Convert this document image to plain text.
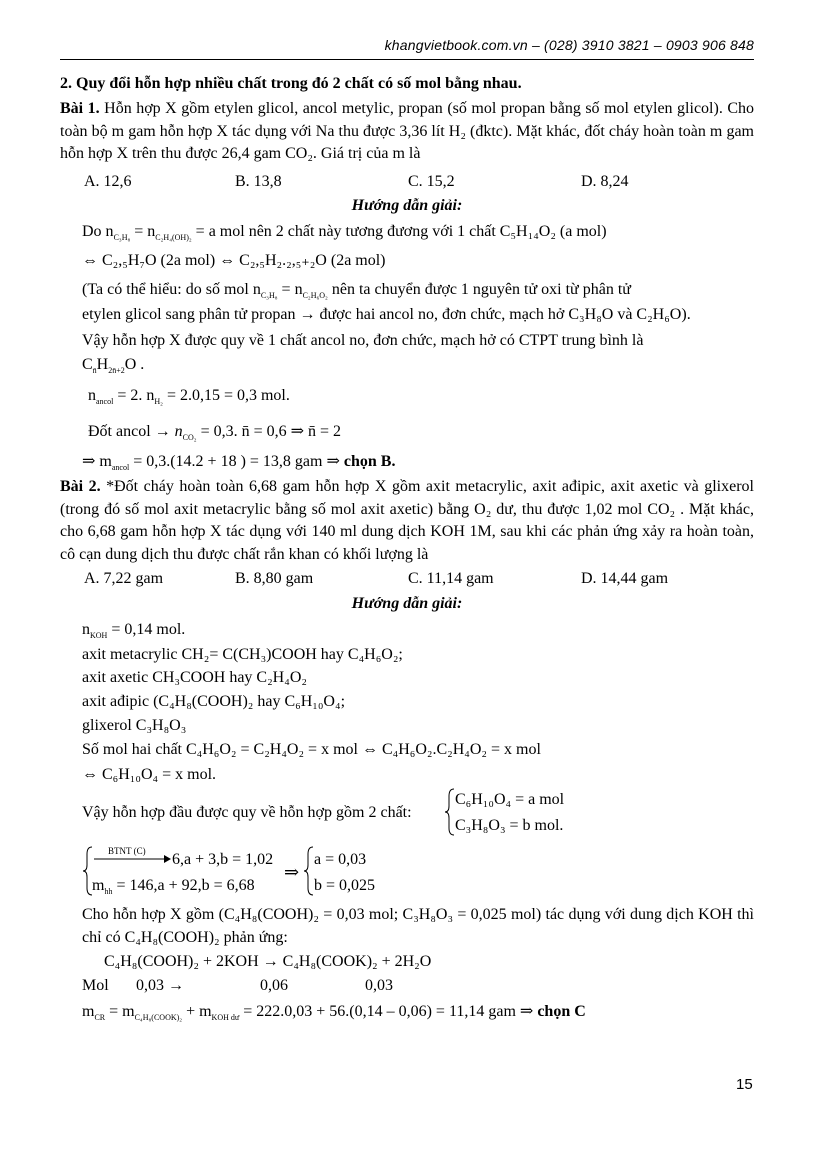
khangvietbook.com.vn – (028) 3910 3821 – 0903 906 848
2. Quy đổi hỗn hợp nhiều chất trong đó 2 chất có số mol bằng nhau.
Bài 1. Hỗn hợp X gồm etylen glicol, ancol metylic, propan (số mol propan bằng số mol etylen glicol). Cho toàn bộ m gam hỗn hợp X tác dụng với Na thu được 3,36 lít H₂ (đktc). Mặt khác, đốt cháy hoàn toàn m gam hỗn hợp X trên thu được 26,4 gam CO₂. Giá trị của m là
A. 12,6	B. 13,8	C. 15,2	D. 8,24
Hướng dẫn giải:
Do $n_{C_3H_8} = n_{C_2H_4(OH)_2} = a$ mol nên 2 chất này tương đương với 1 chất C₅H₁₄O₂ (a mol)
⇔ C₂,₅H₇O (2a mol) ⇔ C₂,₅H₂.₂,₅₊₂O (2a mol)
(Ta có thể hiểu: do số mol $n_{C_3H_8} = n_{C_2H_6O_2}$ nên ta chuyển được 1 nguyên tử oxi từ phân tử
etylen glicol sang phân tử propan → được hai ancol no, đơn chức, mạch hở C₃H₈O và C₂H₆O).
Vậy hỗn hợp X được quy về 1 chất ancol no, đơn chức, mạch hở có CTPT trung bình là
$C_{n̄}H_{2n̄+2}O$ .
$n_{ancol} = 2$. $n_{H_2} = 2.0,15 = 0,3$ mol.
Đốt ancol → $n_{CO_2} = 0,3$. n̄ = 0,6 ⇒ n̄ = 2
⇒ $m_{ancol} = 0,3.(14.2 + 18$ ) = 13,8 gam ⇒ chọn B.
Bài 2. *Đốt cháy hoàn toàn 6,68 gam hỗn hợp X gồm axit metacrylic, axit ađipic, axit axetic và glixerol (trong đó số mol axit metacrylic bằng số mol axit axetic) bằng O₂ dư, thu được 1,02 mol CO₂ . Mặt khác, cho 6,68 gam hỗn hợp X tác dụng với 140 ml dung dịch KOH 1M, sau khi các phản ứng xảy ra hoàn toàn, cô cạn dung dịch thu được chất rắn khan có khối lượng là
A. 7,22 gam	B. 8,80 gam	C. 11,14 gam	D. 14,44 gam
Hướng dẫn giải:
$n_{KOH} = 0,14$ mol.
axit metacrylic CH₂= C(CH₃)COOH hay C₄H₆O₂;
axit axetic CH₃COOH hay C₂H₄O₂
axit ađipic (C₄H₈(COOH)₂ hay C₆H₁₀O₄;
glixerol C₃H₈O₃
Số mol hai chất C₄H₆O₂ = C₂H₄O₂ = x mol ⇔ C₄H₆O₂.C₂H₄O₂ = x mol
⇔ C₆H₁₀O₄ = x mol.
Vậy hỗn hợp đầu được quy về hỗn hợp gồm 2 chất:
C₆H₁₀O₄ = a mol
C₃H₈O₃ = b mol.
BTNT (C) 6,a + 3,b = 1,02
$m_{hh} = 146,a + 92,b = 6,68$
⇒
a = 0,03
b = 0,025
Cho hỗn hợp X gồm (C₄H₈(COOH)₂ = 0,03 mol; C₃H₈O₃ = 0,025 mol) tác dụng với dung dịch KOH thì chỉ có C₄H₈(COOH)₂ phản ứng:
C₄H₈(COOH)₂ + 2KOH → C₄H₈(COOK)₂ + 2H₂O
Mol 0,03 →	0,06	0,03
$m_{CR} = m_{C_4H_8(COOK)_2} + m_{KOH dư} = 222.0,03 + 56.(0,14 - 0,06) = 11,14$ gam ⇒ chọn C
15
